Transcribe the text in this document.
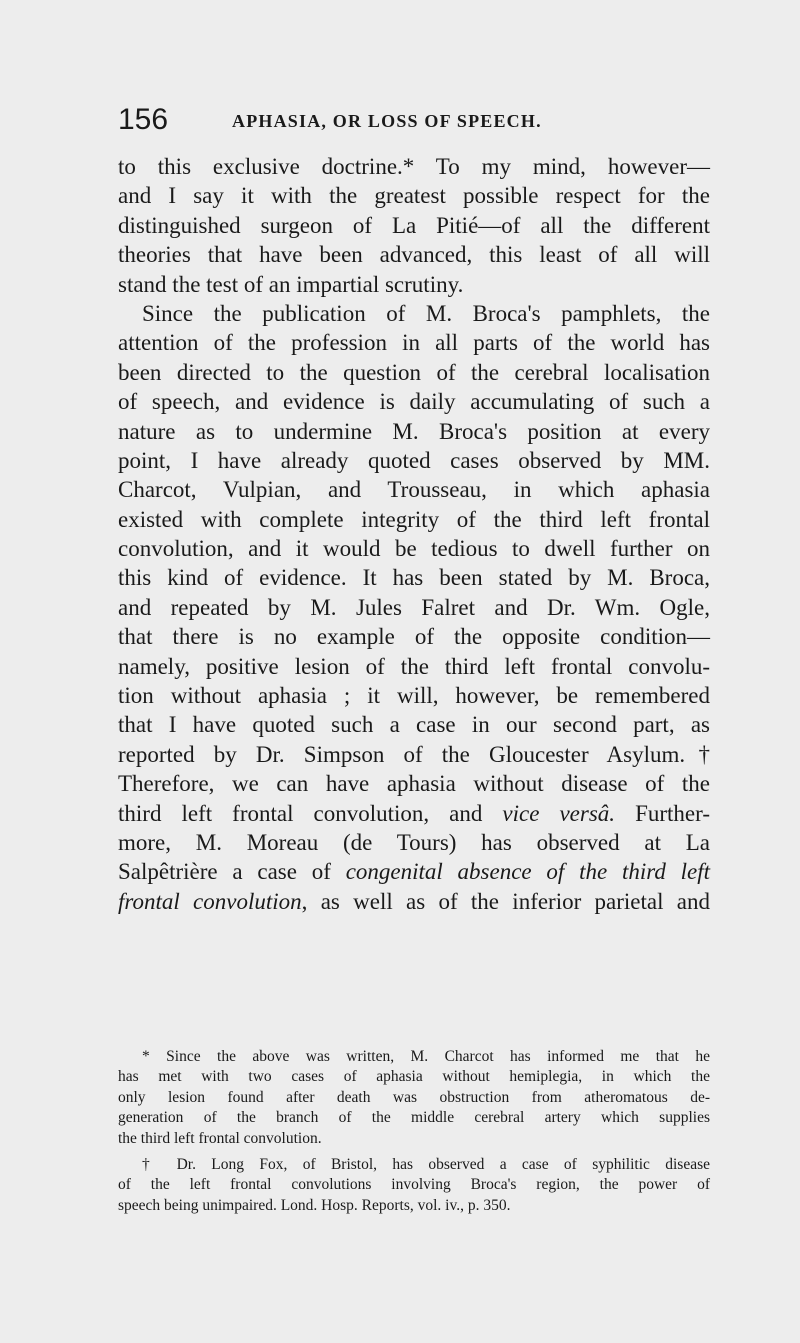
156	APHASIA, OR LOSS OF SPEECH.
to this exclusive doctrine.* To my mind, however—
and I say it with the greatest possible respect for the
distinguished surgeon of La Pitié—of all the different
theories that have been advanced, this least of all will
stand the test of an impartial scrutiny.
Since the publication of M. Broca's pamphlets, the
attention of the profession in all parts of the world has
been directed to the question of the cerebral localisation
of speech, and evidence is daily accumulating of such a
nature as to undermine M. Broca's position at every
point, I have already quoted cases observed by MM.
Charcot, Vulpian, and Trousseau, in which aphasia
existed with complete integrity of the third left frontal
convolution, and it would be tedious to dwell further on
this kind of evidence. It has been stated by M. Broca,
and repeated by M. Jules Falret and Dr. Wm. Ogle,
that there is no example of the opposite condition—
namely, positive lesion of the third left frontal convolu-
tion without aphasia ; it will, however, be remembered
that I have quoted such a case in our second part, as
reported by Dr. Simpson of the Gloucester Asylum.†
Therefore, we can have aphasia without disease of the
third left frontal convolution, and vice versâ. Further-
more, M. Moreau (de Tours) has observed at La
Salpêtrière a case of congenital absence of the third left
frontal convolution, as well as of the inferior parietal and
* Since the above was written, M. Charcot has informed me that he
has met with two cases of aphasia without hemiplegia, in which the
only lesion found after death was obstruction from atheromatous de-
generation of the branch of the middle cerebral artery which supplies
the third left frontal convolution.
† Dr. Long Fox, of Bristol, has observed a case of syphilitic disease
of the left frontal convolutions involving Broca's region, the power of
speech being unimpaired. Lond. Hosp. Reports, vol. iv., p. 350.
